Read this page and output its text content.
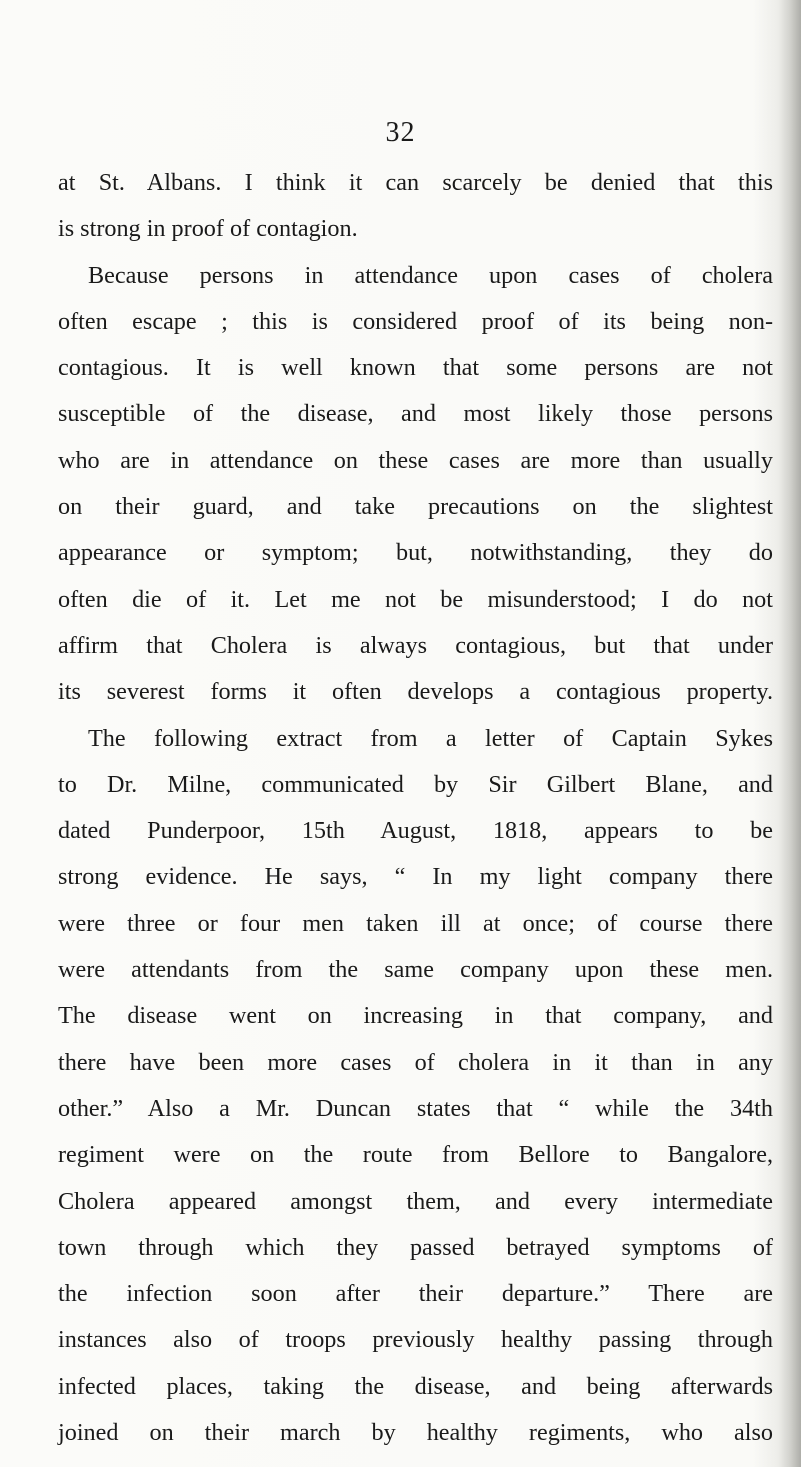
32
at St. Albans. I think it can scarcely be denied that this
is strong in proof of contagion.
Because persons in attendance upon cases of cholera
often escape ; this is considered proof of its being non-
contagious. It is well known that some persons are not
susceptible of the disease, and most likely those persons
who are in attendance on these cases are more than usually
on their guard, and take precautions on the slightest
appearance or symptom; but, notwithstanding, they do
often die of it. Let me not be misunderstood; I do not
affirm that Cholera is always contagious, but that under
its severest forms it often develops a contagious property.
The following extract from a letter of Captain Sykes
to Dr. Milne, communicated by Sir Gilbert Blane, and
dated Punderpoor, 15th August, 1818, appears to be
strong evidence. He says, “ In my light company there
were three or four men taken ill at once; of course there
were attendants from the same company upon these men.
The disease went on increasing in that company, and
there have been more cases of cholera in it than in any
other.” Also a Mr. Duncan states that “ while the 34th
regiment were on the route from Bellore to Bangalore,
Cholera appeared amongst them, and every intermediate
town through which they passed betrayed symptoms of
the infection soon after their departure.” There are
instances also of troops previously healthy passing through
infected places, taking the disease, and being afterwards
joined on their march by healthy regiments, who also
